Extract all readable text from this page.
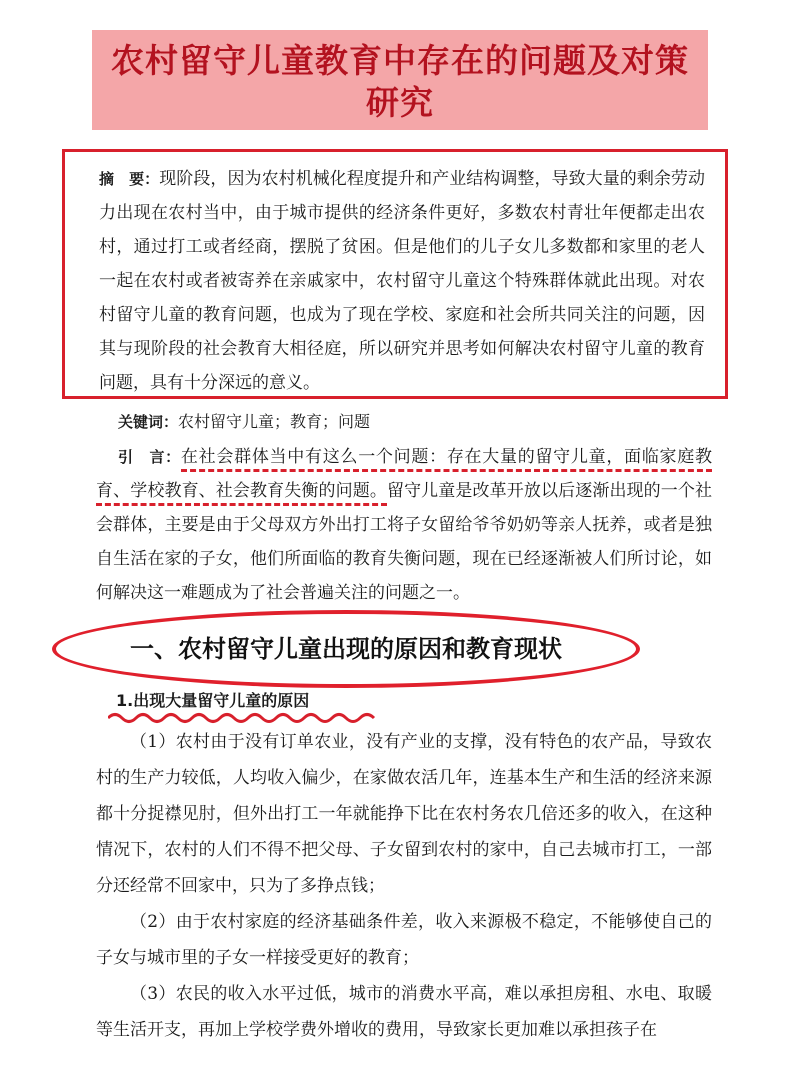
农村留守儿童教育中存在的问题及对策研究

摘　要：现阶段，因为农村机械化程度提升和产业结构调整，导致大量的剩余劳动力出现在农村当中，由于城市提供的经济条件更好，多数农村青壮年便都走出农村，通过打工或者经商，摆脱了贫困。但是他们的儿子女儿多数都和家里的老人一起在农村或者被寄养在亲戚家中，农村留守儿童这个特殊群体就此出现。对农村留守儿童的教育问题，也成为了现在学校、家庭和社会所共同关注的问题，因其与现阶段的社会教育大相径庭，所以研究并思考如何解决农村留守儿童的教育问题，具有十分深远的意义。

关键词：农村留守儿童；教育；问题

引　言：在社会群体当中有这么一个问题：存在大量的留守儿童，面临家庭教育、学校教育、社会教育失衡的问题。留守儿童是改革开放以后逐渐出现的一个社会群体，主要是由于父母双方外出打工将子女留给爷爷奶奶等亲人抚养，或者是独自生活在家的子女，他们所面临的教育失衡问题，现在已经逐渐被人们所讨论，如何解决这一难题成为了社会普遍关注的问题之一。

一、农村留守儿童出现的原因和教育现状
1.出现大量留守儿童的原因

（1）农村由于没有订单农业，没有产业的支撑，没有特色的农产品，导致农村的生产力较低，人均收入偏少，在家做农活几年，连基本生产和生活的经济来源都十分捉襟见肘，但外出打工一年就能挣下比在农村务农几倍还多的收入，在这种情况下，农村的人们不得不把父母、子女留到农村的家中，自己去城市打工，一部分还经常不回家中，只为了多挣点钱；

（2）由于农村家庭的经济基础条件差，收入来源极不稳定，不能够使自己的子女与城市里的子女一样接受更好的教育；

（3）农民的收入水平过低，城市的消费水平高，难以承担房租、水电、取暖等生活开支，再加上学校学费外增收的费用，导致家长更加难以承担孩子在
